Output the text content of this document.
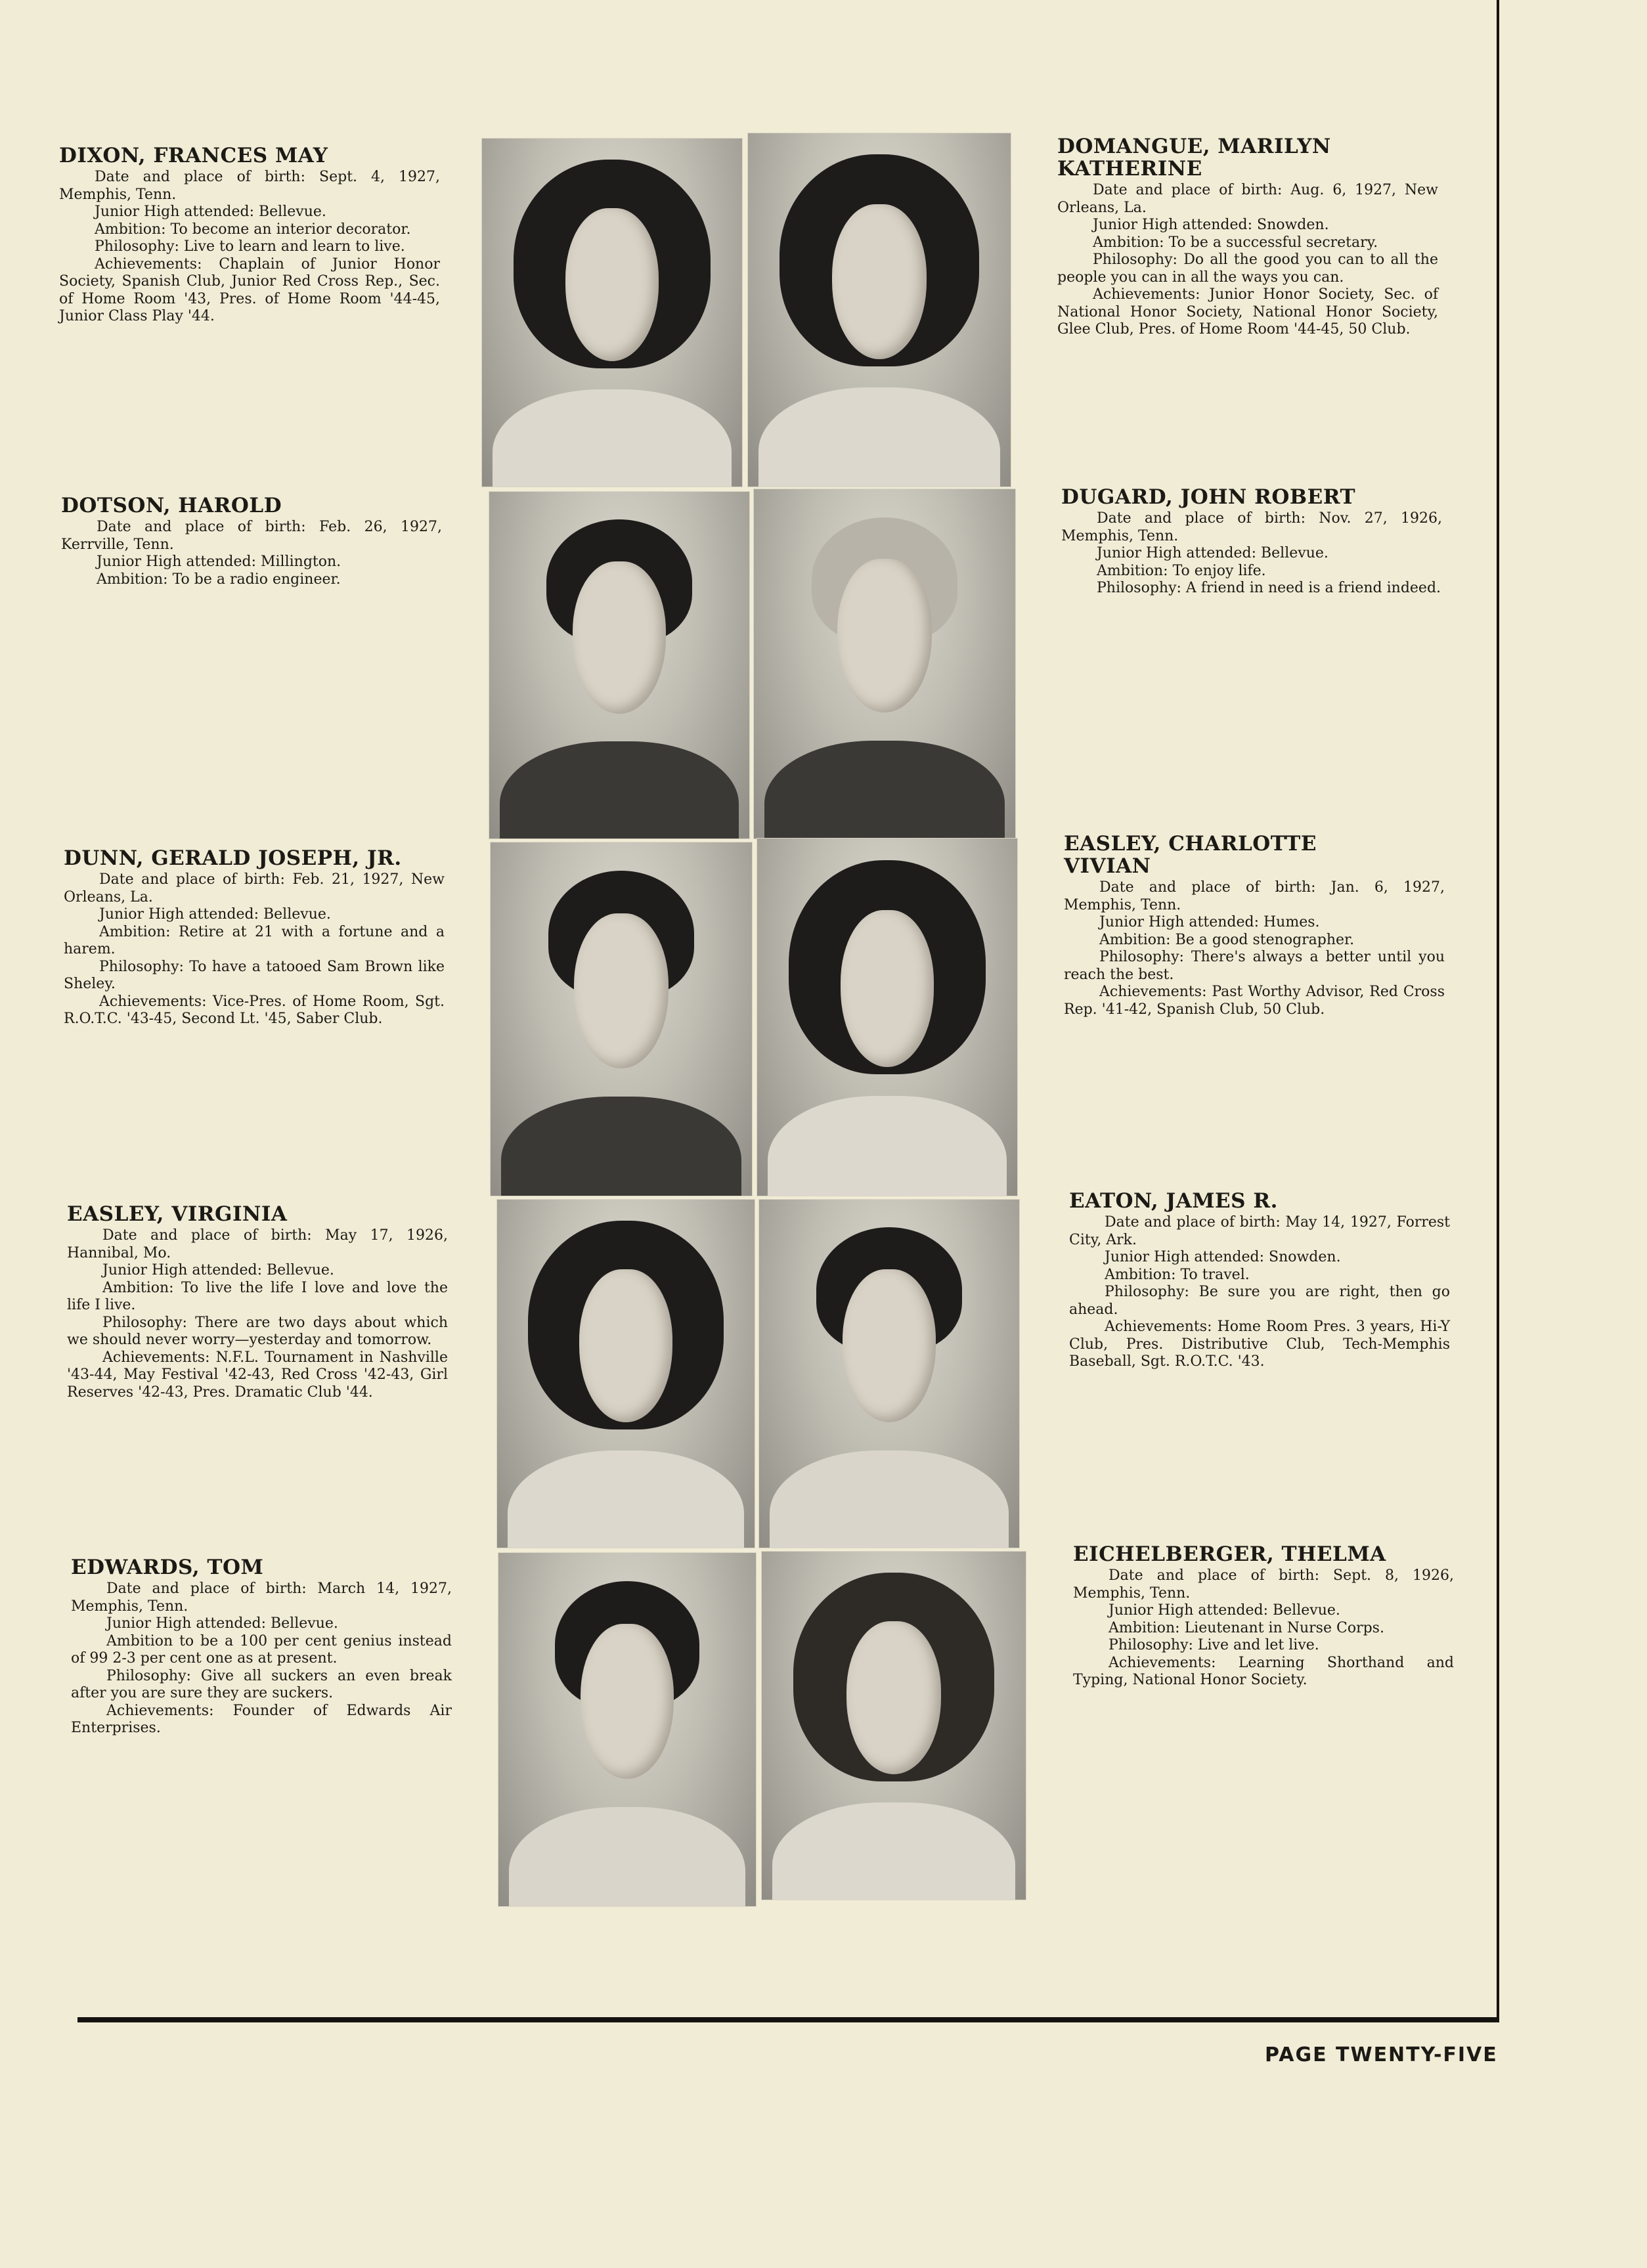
PAGE TWENTY-FIVE
DIXON, FRANCES MAY
Date and place of birth: Sept. 4, 1927, Memphis, Tenn.
Junior High attended: Bellevue.
Ambition: To become an interior decorator.
Philosophy: Live to learn and learn to live.
Achievements: Chaplain of Junior Honor Society, Spanish Club, Junior Red Cross Rep., Sec. of Home Room '43, Pres. of Home Room '44-45, Junior Class Play '44.
DOTSON, HAROLD
Date and place of birth: Feb. 26, 1927, Kerrville, Tenn.
Junior High attended: Millington.
Ambition: To be a radio engineer.
DUNN, GERALD JOSEPH, JR.
Date and place of birth: Feb. 21, 1927, New Orleans, La.
Junior High attended: Bellevue.
Ambition: Retire at 21 with a fortune and a harem.
Philosophy: To have a tatooed Sam Brown like Sheley.
Achievements: Vice-Pres. of Home Room, Sgt. R.O.T.C. '43-45, Second Lt. '45, Saber Club.
EASLEY, VIRGINIA
Date and place of birth: May 17, 1926, Hannibal, Mo.
Junior High attended: Bellevue.
Ambition: To live the life I love and love the life I live.
Philosophy: There are two days about which we should never worry—yesterday and tomorrow.
Achievements: N.F.L. Tournament in Nashville '43-44, May Festival '42-43, Red Cross '42-43, Girl Reserves '42-43, Pres. Dramatic Club '44.
EDWARDS, TOM
Date and place of birth: March 14, 1927, Memphis, Tenn.
Junior High attended: Bellevue.
Ambition to be a 100 per cent genius instead of 99 2-3 per cent one as at present.
Philosophy: Give all suckers an even break after you are sure they are suckers.
Achievements: Founder of Edwards Air Enterprises.
DOMANGUE, MARILYN KATHERINE
Date and place of birth: Aug. 6, 1927, New Orleans, La.
Junior High attended: Snowden.
Ambition: To be a successful secretary.
Philosophy: Do all the good you can to all the people you can in all the ways you can.
Achievements: Junior Honor Society, Sec. of National Honor Society, National Honor Society, Glee Club, Pres. of Home Room '44-45, 50 Club.
DUGARD, JOHN ROBERT
Date and place of birth: Nov. 27, 1926, Memphis, Tenn.
Junior High attended: Bellevue.
Ambition: To enjoy life.
Philosophy: A friend in need is a friend indeed.
EASLEY, CHARLOTTE VIVIAN
Date and place of birth: Jan. 6, 1927, Memphis, Tenn.
Junior High attended: Humes.
Ambition: Be a good stenographer.
Philosophy: There's always a better until you reach the best.
Achievements: Past Worthy Advisor, Red Cross Rep. '41-42, Spanish Club, 50 Club.
EATON, JAMES R.
Date and place of birth: May 14, 1927, Forrest City, Ark.
Junior High attended: Snowden.
Ambition: To travel.
Philosophy: Be sure you are right, then go ahead.
Achievements: Home Room Pres. 3 years, Hi-Y Club, Pres. Distributive Club, Tech-Memphis Baseball, Sgt. R.O.T.C. '43.
EICHELBERGER, THELMA
Date and place of birth: Sept. 8, 1926, Memphis, Tenn.
Junior High attended: Bellevue.
Ambition: Lieutenant in Nurse Corps.
Philosophy: Live and let live.
Achievements: Learning Shorthand and Typing, National Honor Society.
